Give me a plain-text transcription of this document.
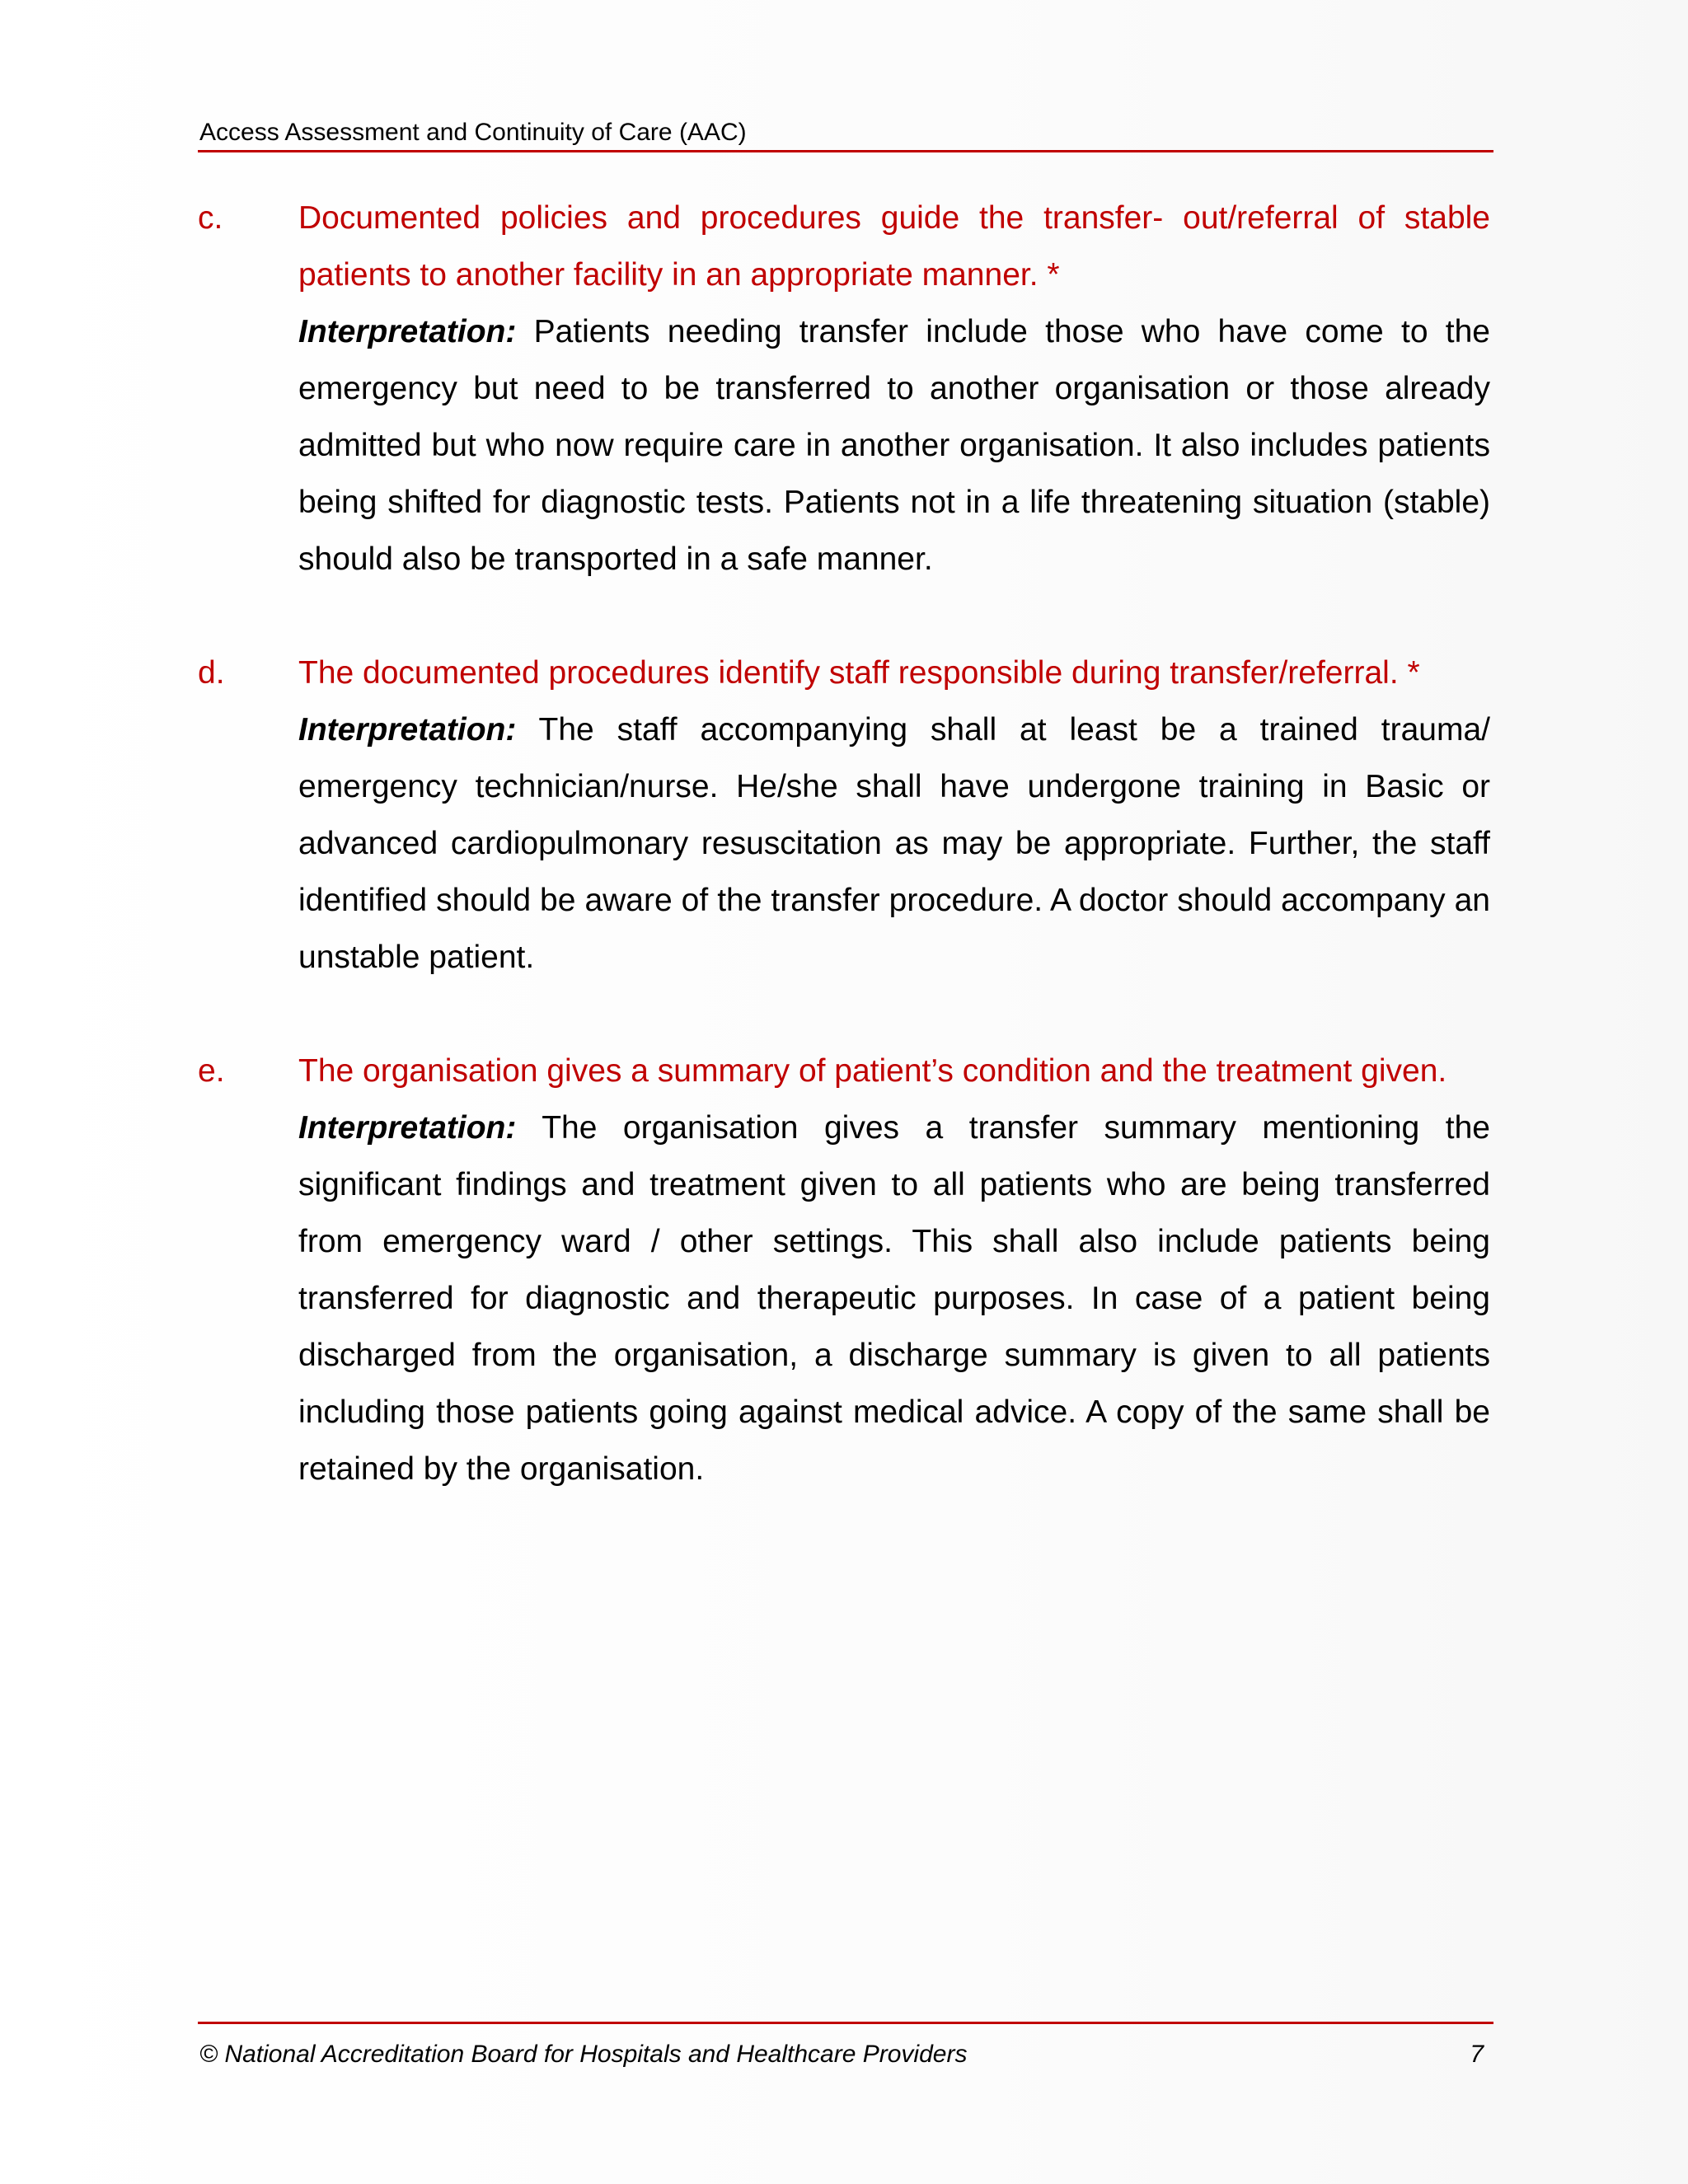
Access Assessment and Continuity of Care (AAC)
c.	Documented policies and procedures guide the transfer- out/referral of stable patients to another facility in an appropriate manner. *
Interpretation: Patients needing transfer include those who have come to the emergency but need to be transferred to another organisation or those already admitted but who now require care in another organisation. It also includes patients being shifted for diagnostic tests. Patients not in a life threatening situation (stable) should also be transported in a safe manner.
d.	The documented procedures identify staff responsible during transfer/referral. *
Interpretation: The staff accompanying shall at least be a trained trauma/ emergency technician/nurse. He/she shall have undergone training in Basic or advanced cardiopulmonary resuscitation as may be appropriate. Further, the staff identified should be aware of the transfer procedure. A doctor should accompany an unstable patient.
e.	The organisation gives a summary of patient’s condition and the treatment given.
Interpretation: The organisation gives a transfer summary mentioning the significant findings and treatment given to all patients who are being transferred from emergency ward / other settings. This shall also include patients being transferred for diagnostic and therapeutic purposes. In case of a patient being discharged from the organisation, a discharge summary is given to all patients including those patients going against medical advice. A copy of the same shall be retained by the organisation.
© National Accreditation Board for Hospitals and Healthcare Providers	7
